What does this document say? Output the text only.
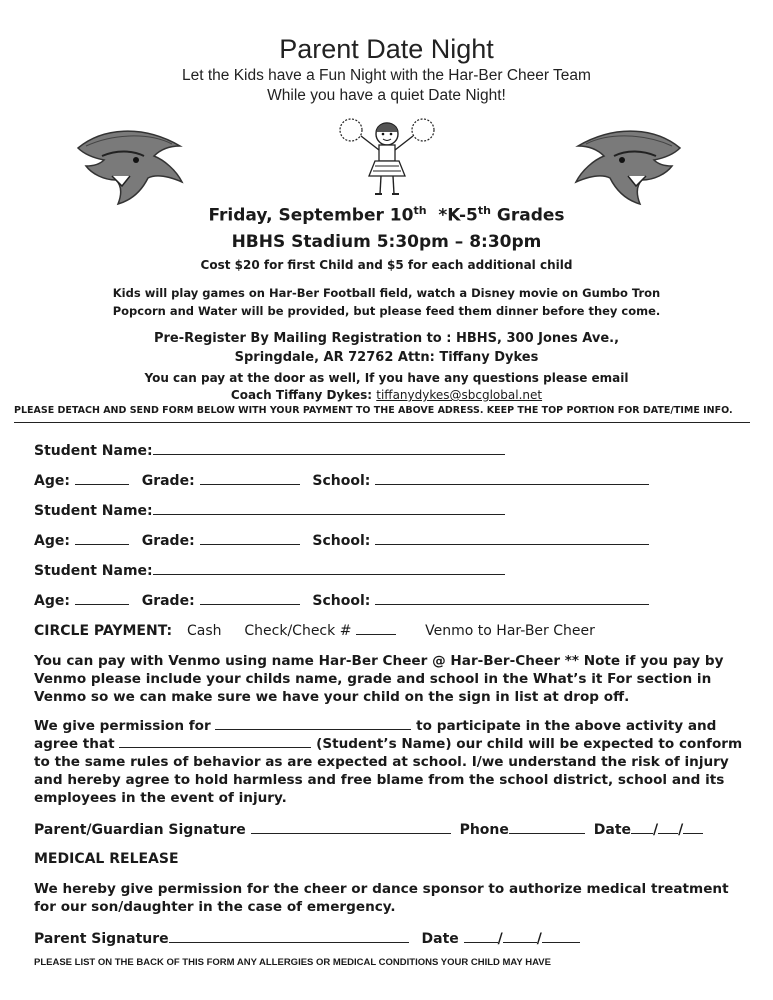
Parent Date Night
Let the Kids have a Fun Night with the Har-Ber Cheer Team
While you have a quiet Date Night!
Friday, September 10th *K-5th Grades
HBHS Stadium 5:30pm – 8:30pm
Cost $20 for first Child and $5 for each additional child
Kids will play games on Har-Ber Football field, watch a Disney movie on Gumbo Tron
Popcorn and Water will be provided, but please feed them dinner before they come.
Pre-Register By Mailing Registration to : HBHS, 300 Jones Ave.,
Springdale, AR 72762 Attn: Tiffany Dykes
You can pay at the door as well, If you have any questions please email
Coach Tiffany Dykes: tiffanydykes@sbcglobal.net
PLEASE DETACH AND SEND FORM BELOW WITH YOUR PAYMENT TO THE ABOVE ADRESS. KEEP THE TOP PORTION FOR DATE/TIME INFO.
Student Name:
Age:	Grade:	School:
Student Name:
Age:	Grade:	School:
Student Name:
Age:	Grade:	School:
CIRCLE PAYMENT: Cash Check/Check #	Venmo to Har-Ber Cheer
You can pay with Venmo using name Har-Ber Cheer @ Har-Ber-Cheer ** Note if you pay by Venmo please include your childs name, grade and school in the What’s it For section in Venmo so we can make sure we have your child on the sign in list at drop off.
We give permission for	to participate in the above activity and agree that	(Student’s Name) our child will be expected to conform to the same rules of behavior as are expected at school. I/we understand the risk of injury and hereby agree to hold harmless and free blame from the school district, school and its employees in the event of injury.
Parent/Guardian Signature	Phone	Date / /
MEDICAL RELEASE
We hereby give permission for the cheer or dance sponsor to authorize medical treatment for our son/daughter in the case of emergency.
Parent Signature	Date	/ /
PLEASE LIST ON THE BACK OF THIS FORM ANY ALLERGIES OR MEDICAL CONDITIONS YOUR CHILD MAY HAVE
